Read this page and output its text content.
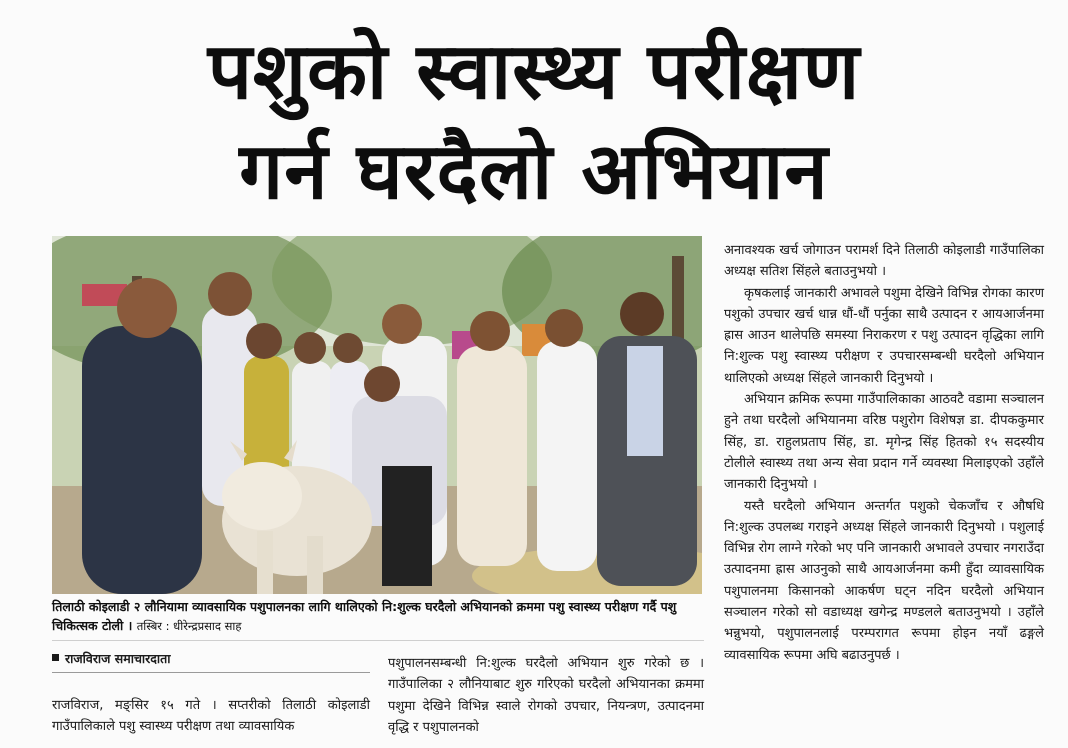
पशुको स्वास्थ्य परीक्षण
गर्न घरदैलो अभियान
तिलाठी कोइलाडी २ लौनियामा व्यावसायिक पशुपालनका लागि थालिएको नि:शुल्क घरदैलो अभियानको क्रममा पशु स्वास्थ्य परीक्षण गर्दै पशु चिकित्सक टोली । तस्बिर : धीरेन्द्रप्रसाद साह
राजविराज समाचारदाता

राजविराज, मङ्सिर १५ गते । सप्तरीको तिलाठी कोइलाडी गाउँपालिकाले पशु स्वास्थ्य परीक्षण तथा व्यावसायिक

पशुपालनसम्बन्धी नि:शुल्क घरदैलो अभियान शुरु गरेको छ । गाउँपालिका २ लौनियाबाट शुरु गरिएको घरदैलो अभियानका क्रममा पशुमा देखिने विभिन्न स्वाले रोगको उपचार, नियन्त्रण, उत्पादनमा वृद्धि र पशुपालनको

अनावश्यक खर्च जोगाउन परामर्श दिने तिलाठी कोइलाडी गाउँपालिका अध्यक्ष सतिश सिंहले बताउनुभयो ।

कृषकलाई जानकारी अभावले पशुमा देखिने विभिन्न रोगका कारण पशुको उपचार खर्च धान्न धौं-धौं पर्नुका साथै उत्पादन र आयआर्जनमा ह्रास आउन थालेपछि समस्या निराकरण र पशु उत्पादन वृद्धिका लागि नि:शुल्क पशु स्वास्थ्य परीक्षण र उपचारसम्बन्धी घरदैलो अभियान थालिएको अध्यक्ष सिंहले जानकारी दिनुभयो ।

अभियान क्रमिक रूपमा गाउँपालिकाका आठवटै वडामा सञ्चालन हुने तथा घरदैलो अभियानमा वरिष्ठ पशुरोग विशेषज्ञ डा. दीपककुमार सिंह, डा. राहुलप्रताप सिंह, डा. मृगेन्द्र सिंह हितको १५ सदस्यीय टोलीले स्वास्थ्य तथा अन्य सेवा प्रदान गर्ने व्यवस्था मिलाइएको उहाँले जानकारी दिनुभयो ।

यस्तै घरदैलो अभियान अन्तर्गत पशुको चेकजाँच र औषधि नि:शुल्क उपलब्ध गराइने अध्यक्ष सिंहले जानकारी दिनुभयो । पशुलाई विभिन्न रोग लाग्ने गरेको भए पनि जानकारी अभावले उपचार नगराउँदा उत्पादनमा ह्रास आउनुको साथै आयआर्जनमा कमी हुँदा व्यावसायिक पशुपालनमा किसानको आकर्षण घट्न नदिन घरदैलो अभियान सञ्चालन गरेको सो वडाध्यक्ष खगेन्द्र मण्डलले बताउनुभयो । उहाँले भन्नुभयो, पशुपालनलाई परम्परागत रूपमा होइन नयाँ ढङ्गले व्यावसायिक रूपमा अघि बढाउनुपर्छ ।
